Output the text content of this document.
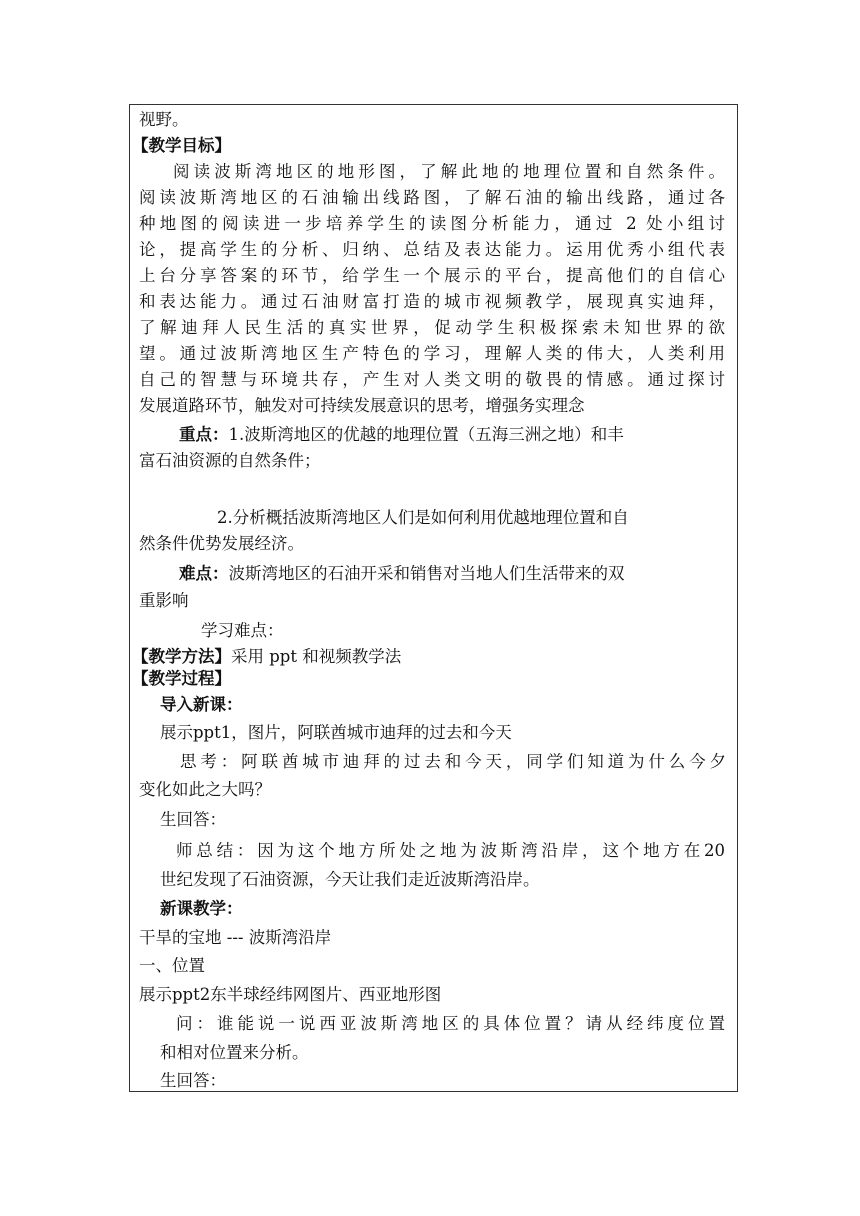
视野。
【教学目标】
阅读波斯湾地区的地形图，了解此地的地理位置和自然条件。
阅读波斯湾地区的石油输出线路图，了解石油的输出线路，通过各
种地图的阅读进一步培养学生的读图分析能力，通过 2 处小组讨
论，提高学生的分析、归纳、总结及表达能力。运用优秀小组代表
上台分享答案的环节，给学生一个展示的平台，提高他们的自信心
和表达能力。通过石油财富打造的城市视频教学，展现真实迪拜，
了解迪拜人民生活的真实世界，促动学生积极探索未知世界的欲
望。通过波斯湾地区生产特色的学习，理解人类的伟大，人类利用
自己的智慧与环境共存，产生对人类文明的敬畏的情感。通过探讨
发展道路环节，触发对可持续发展意识的思考，增强务实理念
重点：1.波斯湾地区的优越的地理位置（五海三洲之地）和丰
富石油资源的自然条件；
2.分析概括波斯湾地区人们是如何利用优越地理位置和自
然条件优势发展经济。
难点：波斯湾地区的石油开采和销售对当地人们生活带来的双
重影响
学习难点：
【教学方法】采用 ppt 和视频教学法
【教学过程】
导入新课：
展示ppt1，图片，阿联酋城市迪拜的过去和今天
思考：阿联酋城市迪拜的过去和今天，同学们知道为什么今夕
变化如此之大吗？
生回答：
师总结：因为这个地方所处之地为波斯湾沿岸，这个地方在20
世纪发现了石油资源，今天让我们走近波斯湾沿岸。
新课教学：
干旱的宝地 --- 波斯湾沿岸
一、位置
展示ppt2东半球经纬网图片、西亚地形图
问：谁能说一说西亚波斯湾地区的具体位置？请从经纬度位置
和相对位置来分析。
生回答：
